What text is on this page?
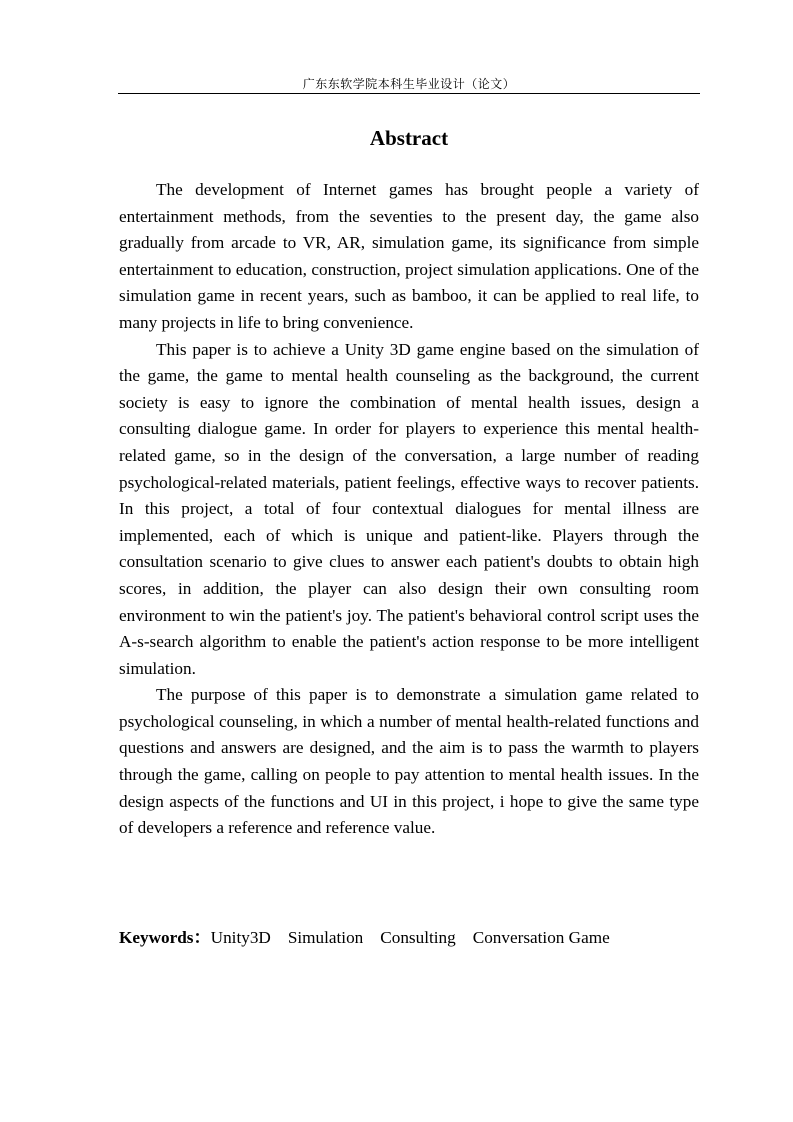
广东东软学院本科生毕业设计（论文）
Abstract

The development of Internet games has brought people a variety of entertainment methods, from the seventies to the present day, the game also gradually from arcade to VR, AR, simulation game, its significance from simple entertainment to education, construction, project simulation applications. One of the simulation game in recent years, such as bamboo, it can be applied to real life, to many projects in life to bring convenience.

This paper is to achieve a Unity 3D game engine based on the simulation of the game, the game to mental health counseling as the background, the current society is easy to ignore the combination of mental health issues, design a consulting dialogue game. In order for players to experience this mental health-related game, so in the design of the conversation, a large number of reading psychological-related materials, patient feelings, effective ways to recover patients. In this project, a total of four contextual dialogues for mental illness are implemented, each of which is unique and patient-like. Players through the consultation scenario to give clues to answer each patient's doubts to obtain high scores, in addition, the player can also design their own consulting room environment to win the patient's joy. The patient's behavioral control script uses the A-s-search algorithm to enable the patient's action response to be more intelligent simulation.

The purpose of this paper is to demonstrate a simulation game related to psychological counseling, in which a number of mental health-related functions and questions and answers are designed, and the aim is to pass the warmth to players through the game, calling on people to pay attention to mental health issues. In the design aspects of the functions and UI in this project, i hope to give the same type of developers a reference and reference value.

Keywords：Unity3D Simulation Consulting Conversation Game
